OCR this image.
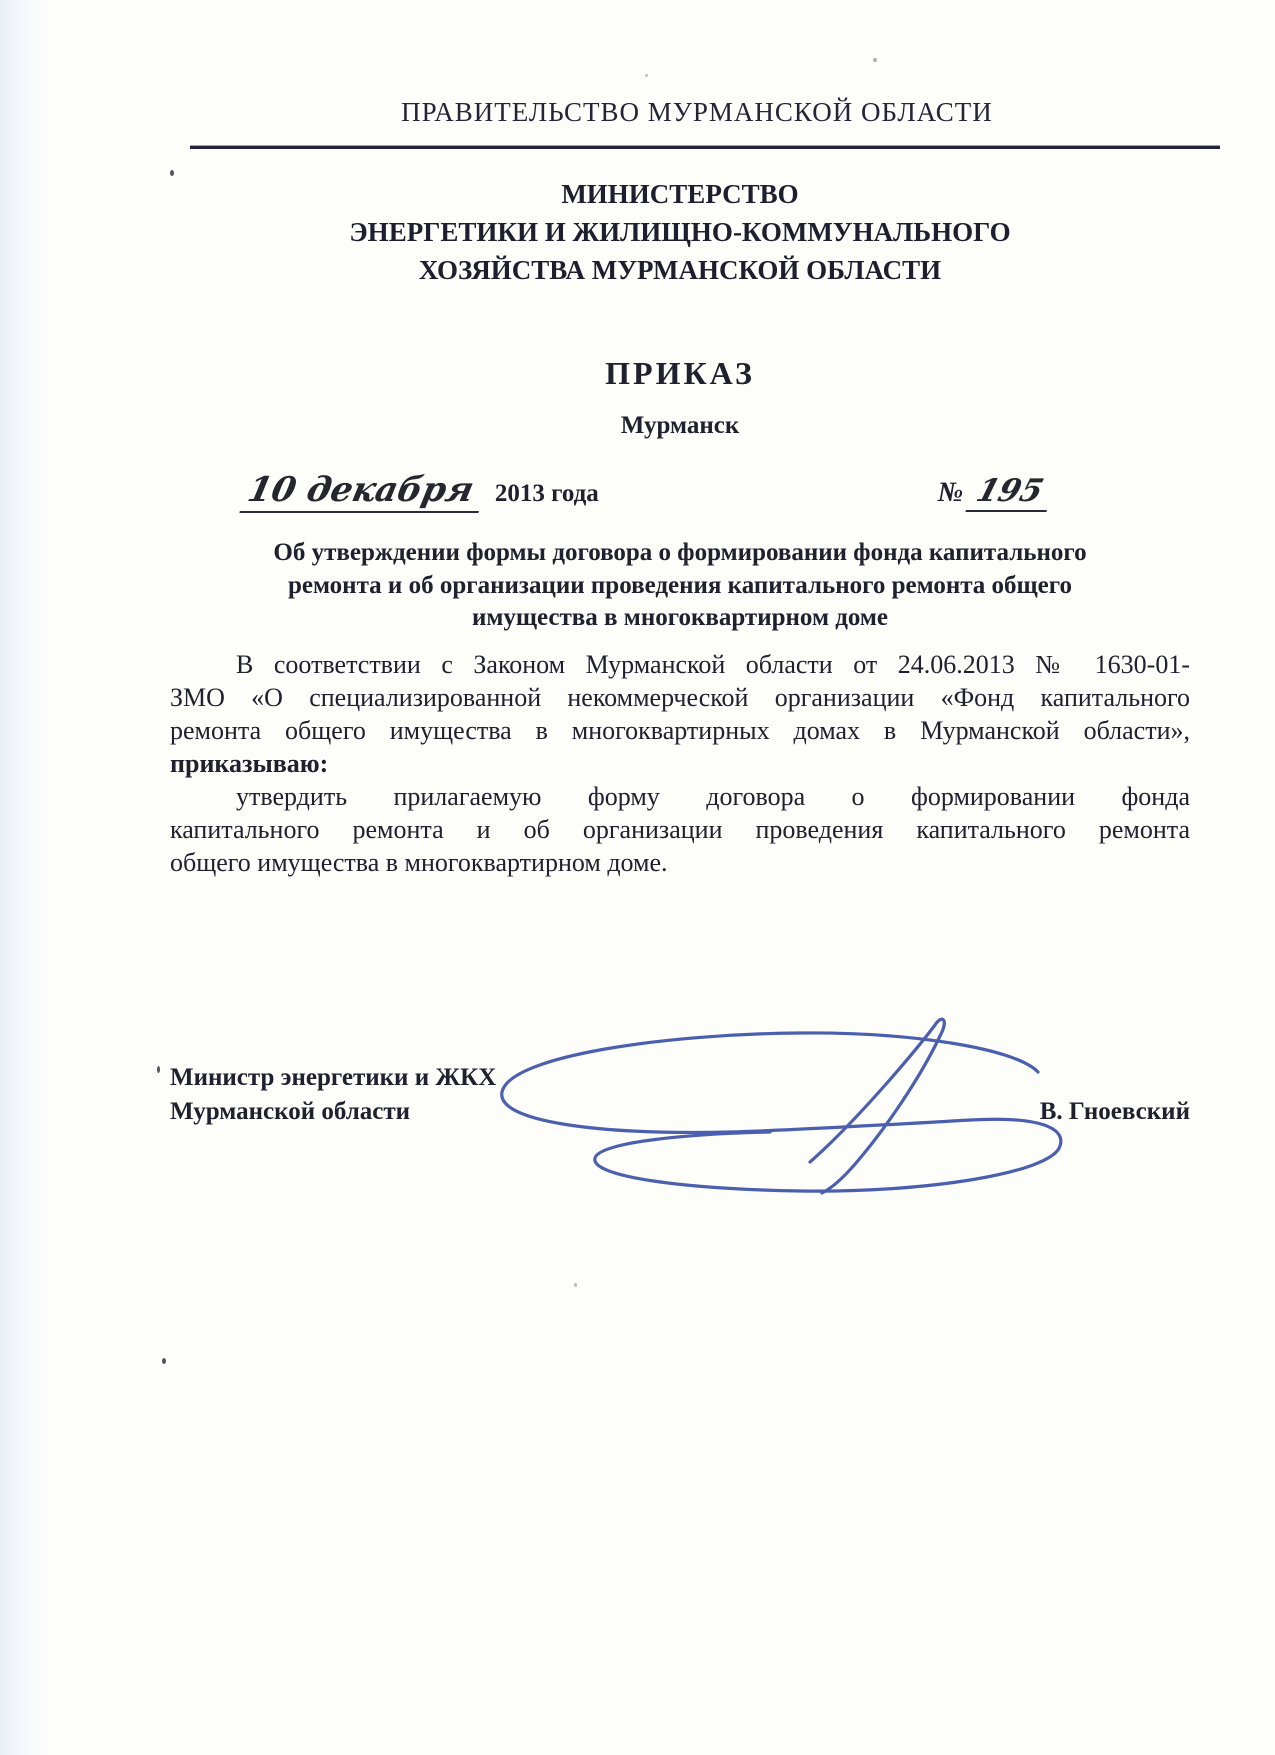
ПРАВИТЕЛЬСТВО МУРМАНСКОЙ ОБЛАСТИ
МИНИСТЕРСТВО
ЭНЕРГЕТИКИ И ЖИЛИЩНО-КОММУНАЛЬНОГО
ХОЗЯЙСТВА МУРМАНСКОЙ ОБЛАСТИ
ПРИКАЗ
Мурманск
10 декабря 2013 года	№ 195
Об утверждении формы договора о формировании фонда капитального
ремонта и об организации проведения капитального ремонта общего
имущества в многоквартирном доме
В соответствии с Законом Мурманской области от 24.06.2013 № 1630-01-
ЗМО «О специализированной некоммерческой организации «Фонд капитального
ремонта общего имущества в многоквартирных домах в Мурманской области»,
приказываю:
утвердить прилагаемую форму договора о формировании фонда
капитального ремонта и об организации проведения капитального ремонта
общего имущества в многоквартирном доме.
Министр энергетики и ЖКХ
Мурманской области	В. Гноевский
